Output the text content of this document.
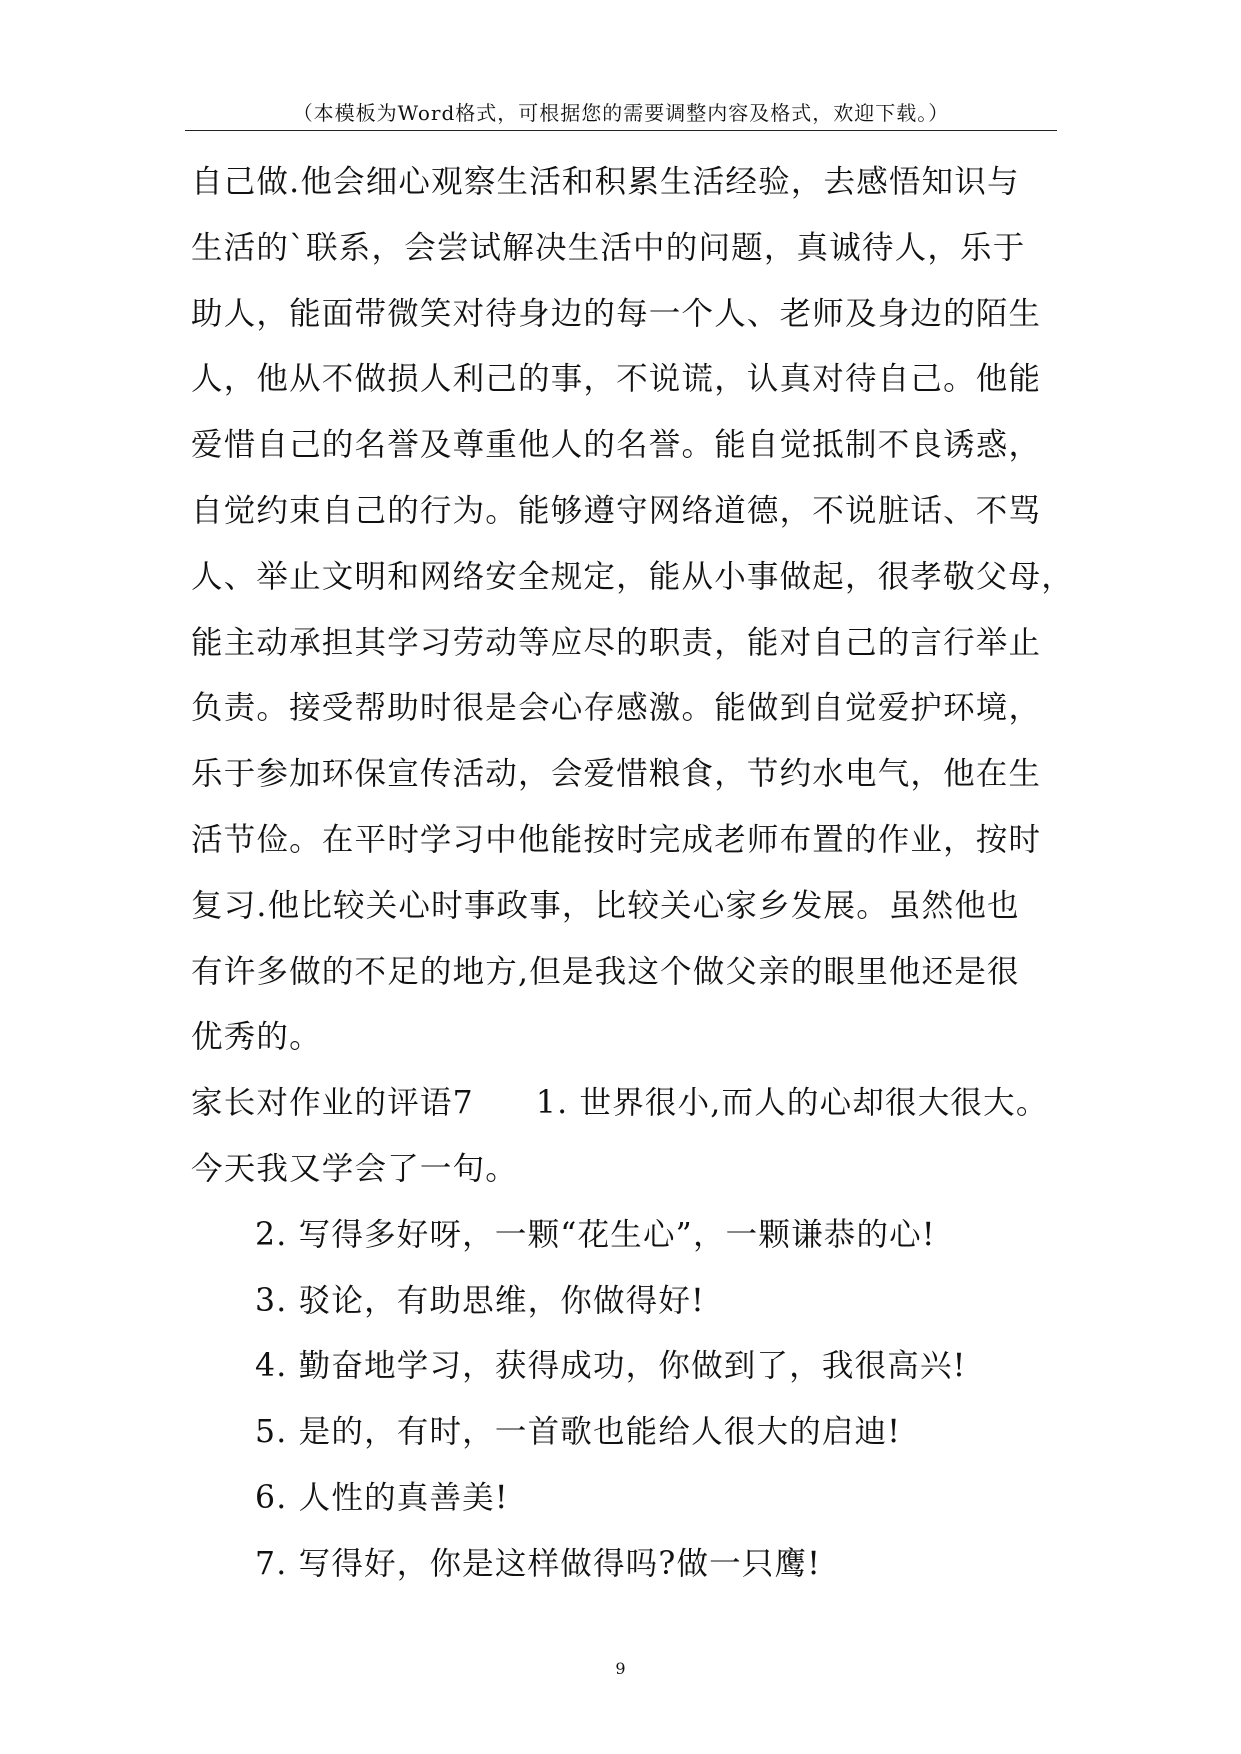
（本模板为Word格式，可根据您的需要调整内容及格式，欢迎下载。）
自己做.他会细心观察生活和积累生活经验，去感悟知识与
生活的`联系，会尝试解决生活中的问题，真诚待人，乐于
助人，能面带微笑对待身边的每一个人、老师及身边的陌生
人，他从不做损人利己的事，不说谎，认真对待自己。他能
爱惜自己的名誉及尊重他人的名誉。能自觉抵制不良诱惑，
自觉约束自己的行为。能够遵守网络道德，不说脏话、不骂
人、举止文明和网络安全规定，能从小事做起，很孝敬父母，
能主动承担其学习劳动等应尽的职责，能对自己的言行举止
负责。接受帮助时很是会心存感激。能做到自觉爱护环境，
乐于参加环保宣传活动，会爱惜粮食，节约水电气，他在生
活节俭。在平时学习中他能按时完成老师布置的作业，按时
复习.他比较关心时事政事，比较关心家乡发展。虽然他也
有许多做的不足的地方,但是我这个做父亲的眼里他还是很
优秀的。
家长对作业的评语7 1. 世界很小,而人的心却很大很大。
今天我又学会了一句。
2. 写得多好呀，一颗“花生心”，一颗谦恭的心!
3. 驳论，有助思维，你做得好!
4. 勤奋地学习，获得成功，你做到了，我很高兴!
5. 是的，有时，一首歌也能给人很大的启迪!
6. 人性的真善美!
7. 写得好，你是这样做得吗?做一只鹰!
9
